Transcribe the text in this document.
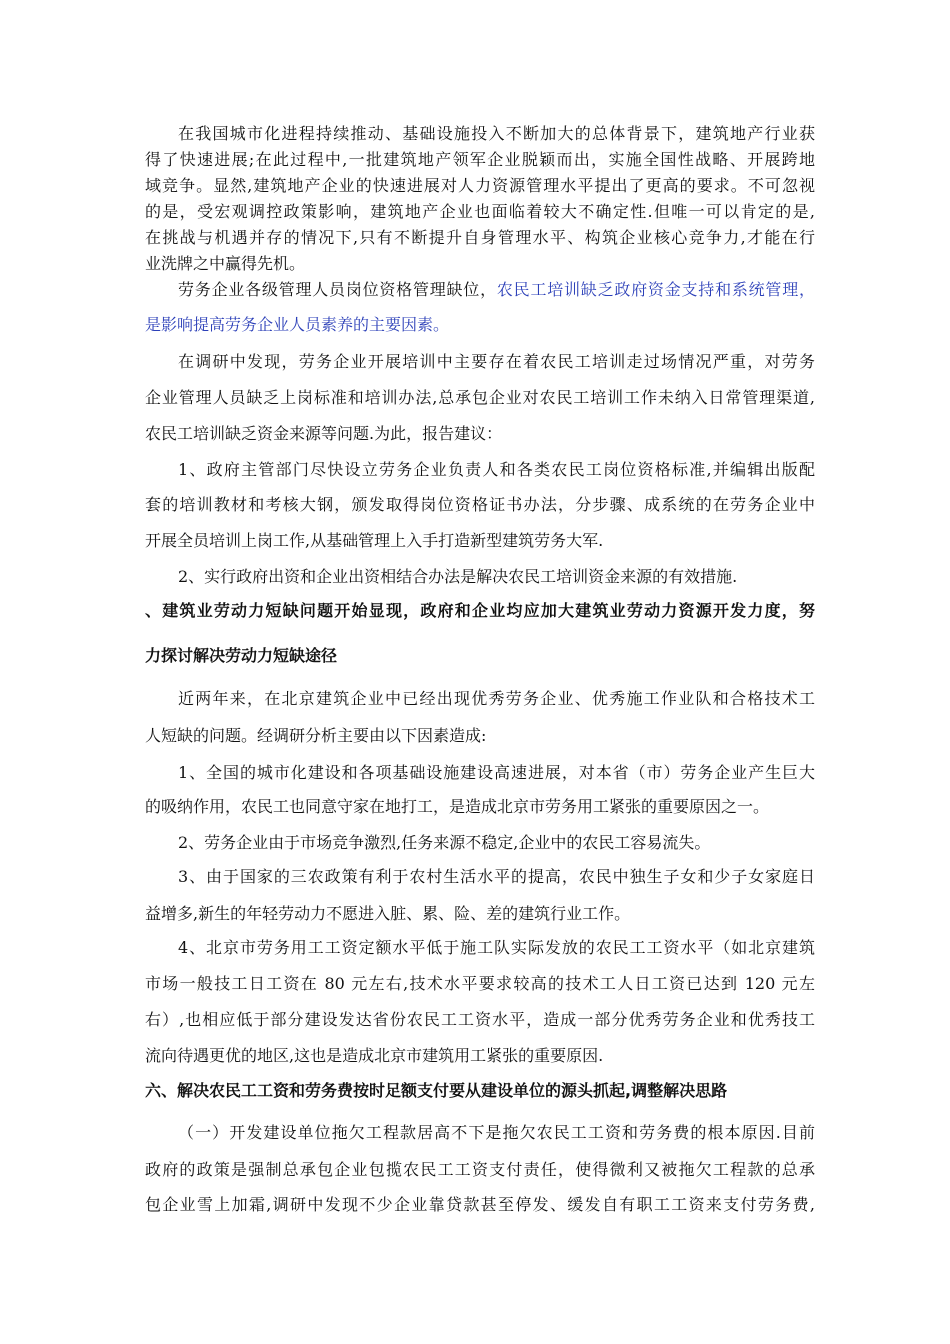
在我国城市化进程持续推动、基础设施投入不断加大的总体背景下，建筑地产行业获
得了快速进展;在此过程中,一批建筑地产领军企业脱颖而出，实施全国性战略、开展跨地
域竞争。显然,建筑地产企业的快速进展对人力资源管理水平提出了更高的要求。不可忽视
的是，受宏观调控政策影响，建筑地产企业也面临着较大不确定性.但唯一可以肯定的是,
在挑战与机遇并存的情况下,只有不断提升自身管理水平、构筑企业核心竞争力,才能在行
业洗牌之中赢得先机。
劳务企业各级管理人员岗位资格管理缺位，农民工培训缺乏政府资金支持和系统管理，
是影响提高劳务企业人员素养的主要因素。
在调研中发现，劳务企业开展培训中主要存在着农民工培训走过场情况严重，对劳务
企业管理人员缺乏上岗标准和培训办法,总承包企业对农民工培训工作未纳入日常管理渠道,
农民工培训缺乏资金来源等问题.为此，报告建议：
1、政府主管部门尽快设立劳务企业负责人和各类农民工岗位资格标准,并编辑出版配
套的培训教材和考核大钢，颁发取得岗位资格证书办法，分步骤、成系统的在劳务企业中
开展全员培训上岗工作,从基础管理上入手打造新型建筑劳务大军.
2、实行政府出资和企业出资相结合办法是解决农民工培训资金来源的有效措施.
、建筑业劳动力短缺问题开始显现，政府和企业均应加大建筑业劳动力资源开发力度，努
力探讨解决劳动力短缺途径
近两年来，在北京建筑企业中已经出现优秀劳务企业、优秀施工作业队和合格技术工
人短缺的问题。经调研分析主要由以下因素造成:
1、全国的城市化建设和各项基础设施建设高速进展，对本省（市）劳务企业产生巨大
的吸纳作用，农民工也同意守家在地打工，是造成北京市劳务用工紧张的重要原因之一。
2、劳务企业由于市场竞争激烈,任务来源不稳定,企业中的农民工容易流失。
3、由于国家的三农政策有利于农村生活水平的提高，农民中独生子女和少子女家庭日
益增多,新生的年轻劳动力不愿进入脏、累、险、差的建筑行业工作。
4、北京市劳务用工工资定额水平低于施工队实际发放的农民工工资水平（如北京建筑
市场一般技工日工资在 80 元左右,技术水平要求较高的技术工人日工资已达到 120 元左
右）,也相应低于部分建设发达省份农民工工资水平，造成一部分优秀劳务企业和优秀技工
流向待遇更优的地区,这也是造成北京市建筑用工紧张的重要原因.
六、解决农民工工资和劳务费按时足额支付要从建设单位的源头抓起,调整解决思路
（一）开发建设单位拖欠工程款居高不下是拖欠农民工工资和劳务费的根本原因.目前
政府的政策是强制总承包企业包揽农民工工资支付责任，使得微利又被拖欠工程款的总承
包企业雪上加霜,调研中发现不少企业靠贷款甚至停发、缓发自有职工工资来支付劳务费,
